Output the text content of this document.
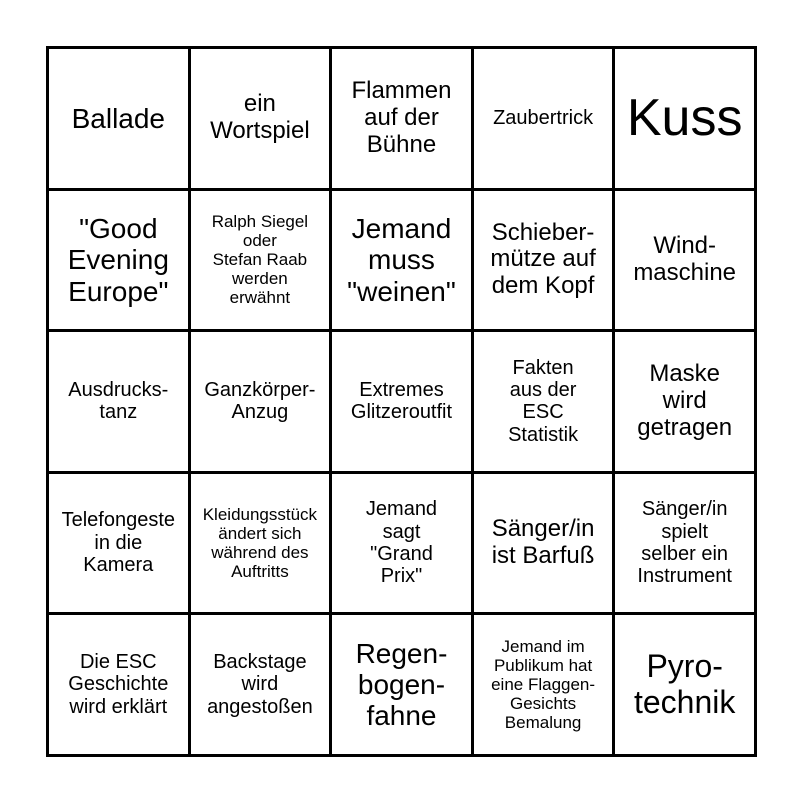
Ballade	ein
Wortspiel
Flammen
auf der
Bühne
Zaubertrick Kuss
"Good
Evening
Europe"
Ralph Siegel
oder
Stefan Raab
werden
erwähnt
Jemand
muss
"weinen"
Schieber-
mütze auf
dem Kopf
Wind-
maschine
Ausdrucks-
tanz
Ganzkörper-
Anzug
Extremes
Glitzeroutfit
Fakten
aus der
ESC
Statistik
Maske
wird
getragen
Telefongeste
in die
Kamera
Kleidungsstück
ändert sich
während des
Auftritts
Jemand
sagt
"Grand
Prix"
Sänger/in
ist Barfuß
Sänger/in
spielt
selber ein
Instrument
Die ESC
Geschichte
wird erklärt
Backstage
wird
angestoßen
Regen-
bogen-
fahne
Jemand im
Publikum hat
eine Flaggen-
Gesichts
Bemalung
Pyro-
technik
